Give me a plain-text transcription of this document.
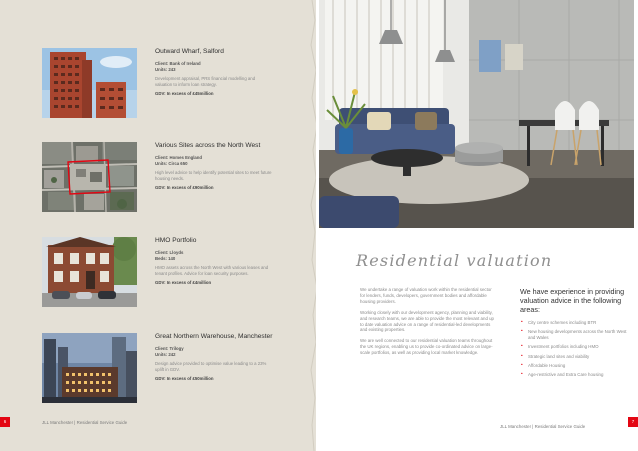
Outward Wharf, Salford
Client: Bank of Ireland
Units: 243
Development appraisal, PRS financial modelling and valuation to inform loan strategy.
GDV: In excess of £45million
Various Sites across the North West
Client: Homes England
Units: Circa 650
High level advice to help identify potential sites to meet future housing needs.
GDV: In excess of £90million
HMO Portfolio
Client: Lloyds
Beds: 140
HMO assets across the North West with various leases and tenant profiles. Advice for loan security purposes.
GDV: In excess of £4million
Great Northern Warehouse, Manchester
Client: Trilogy
Units: 242
Design advice provided to optimise value leading to a 23% uplift in GDV.
GDV: In excess of £50million
6	JLL Manchester | Residential Service Guide
Residential valuation

We undertake a range of valuation work within the residential sector for lenders, funds, developers, government bodies and affordable housing providers.

Working closely with our development agency, planning and viability, and research teams, we are able to provide the most relevant and up to date valuation advice on a range of residential-led developments and existing properties.

We are well connected to our residential valuation teams throughout the UK regions, enabling us to provide co-ordinated advice on large-scale portfolios, as well as providing local market knowledge.

We have experience in providing valuation advice in the following areas:
• City centre schemes including BTR
• New housing developments across the North West and Wales
• Investment portfolios including HMO
• Strategic land sites and viability
• Affordable Housing
• Age-restrictive and Extra Care housing
JLL Manchester | Residential Service Guide
7
